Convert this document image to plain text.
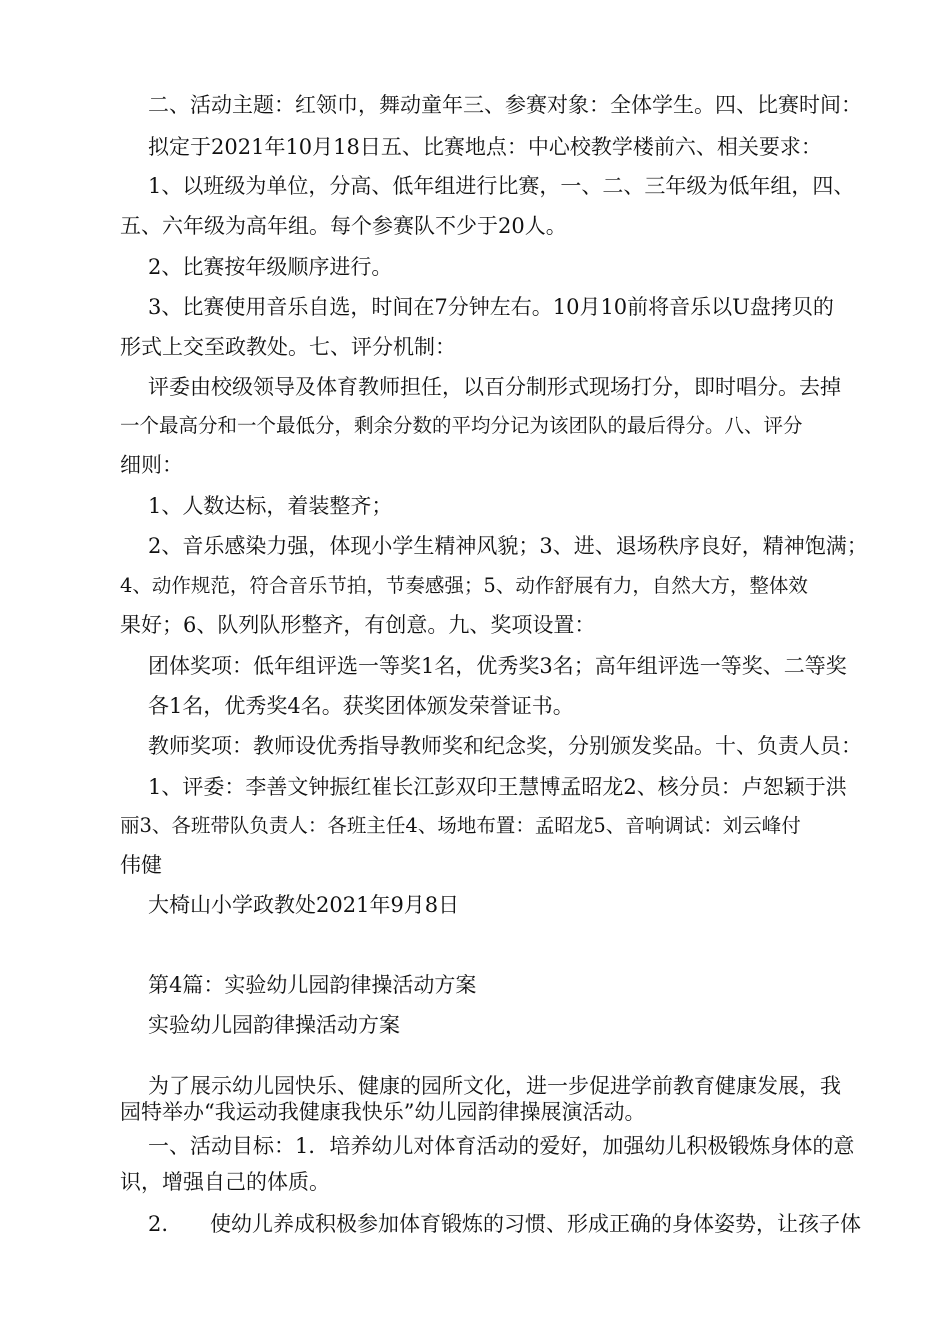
二、活动主题：红领巾，舞动童年三、参赛对象：全体学生。四、比赛时间：
拟定于2021年10月18日五、比赛地点：中心校教学楼前六、相关要求：
1、以班级为单位，分高、低年组进行比赛，一、二、三年级为低年组，四、
五、六年级为高年组。每个参赛队不少于20人。
2、比赛按年级顺序进行。
3、比赛使用音乐自选，时间在7分钟左右。10月10前将音乐以U盘拷贝的
形式上交至政教处。七、评分机制：
评委由校级领导及体育教师担任，以百分制形式现场打分，即时唱分。去掉
一个最高分和一个最低分，剩余分数的平均分记为该团队的最后得分。八、评分
细则：
1、人数达标，着装整齐；
2、音乐感染力强，体现小学生精神风貌；3、进、退场秩序良好，精神饱满；
4、动作规范，符合音乐节拍，节奏感强；5、动作舒展有力，自然大方，整体效
果好；6、队列队形整齐，有创意。九、奖项设置：
团体奖项：低年组评选一等奖1名，优秀奖3名；高年组评选一等奖、二等奖
各1名，优秀奖4名。获奖团体颁发荣誉证书。
教师奖项：教师设优秀指导教师奖和纪念奖，分别颁发奖品。十、负责人员：
1、评委：李善文钟振红崔长江彭双印王慧博孟昭龙2、核分员：卢恕颖于洪
丽3、各班带队负责人：各班主任4、场地布置：孟昭龙5、音响调试：刘云峰付
伟健
大椅山小学政教处2021年9月8日
第4篇：实验幼儿园韵律操活动方案
实验幼儿园韵律操活动方案
为了展示幼儿园快乐、健康的园所文化，进一步促进学前教育健康发展，我
园特举办“我运动我健康我快乐”幼儿园韵律操展演活动。
一、活动目标：1．培养幼儿对体育活动的爱好，加强幼儿积极锻炼身体的意
识，增强自己的体质。
2.　　使幼儿养成积极参加体育锻炼的习惯、形成正确的身体姿势，让孩子体
